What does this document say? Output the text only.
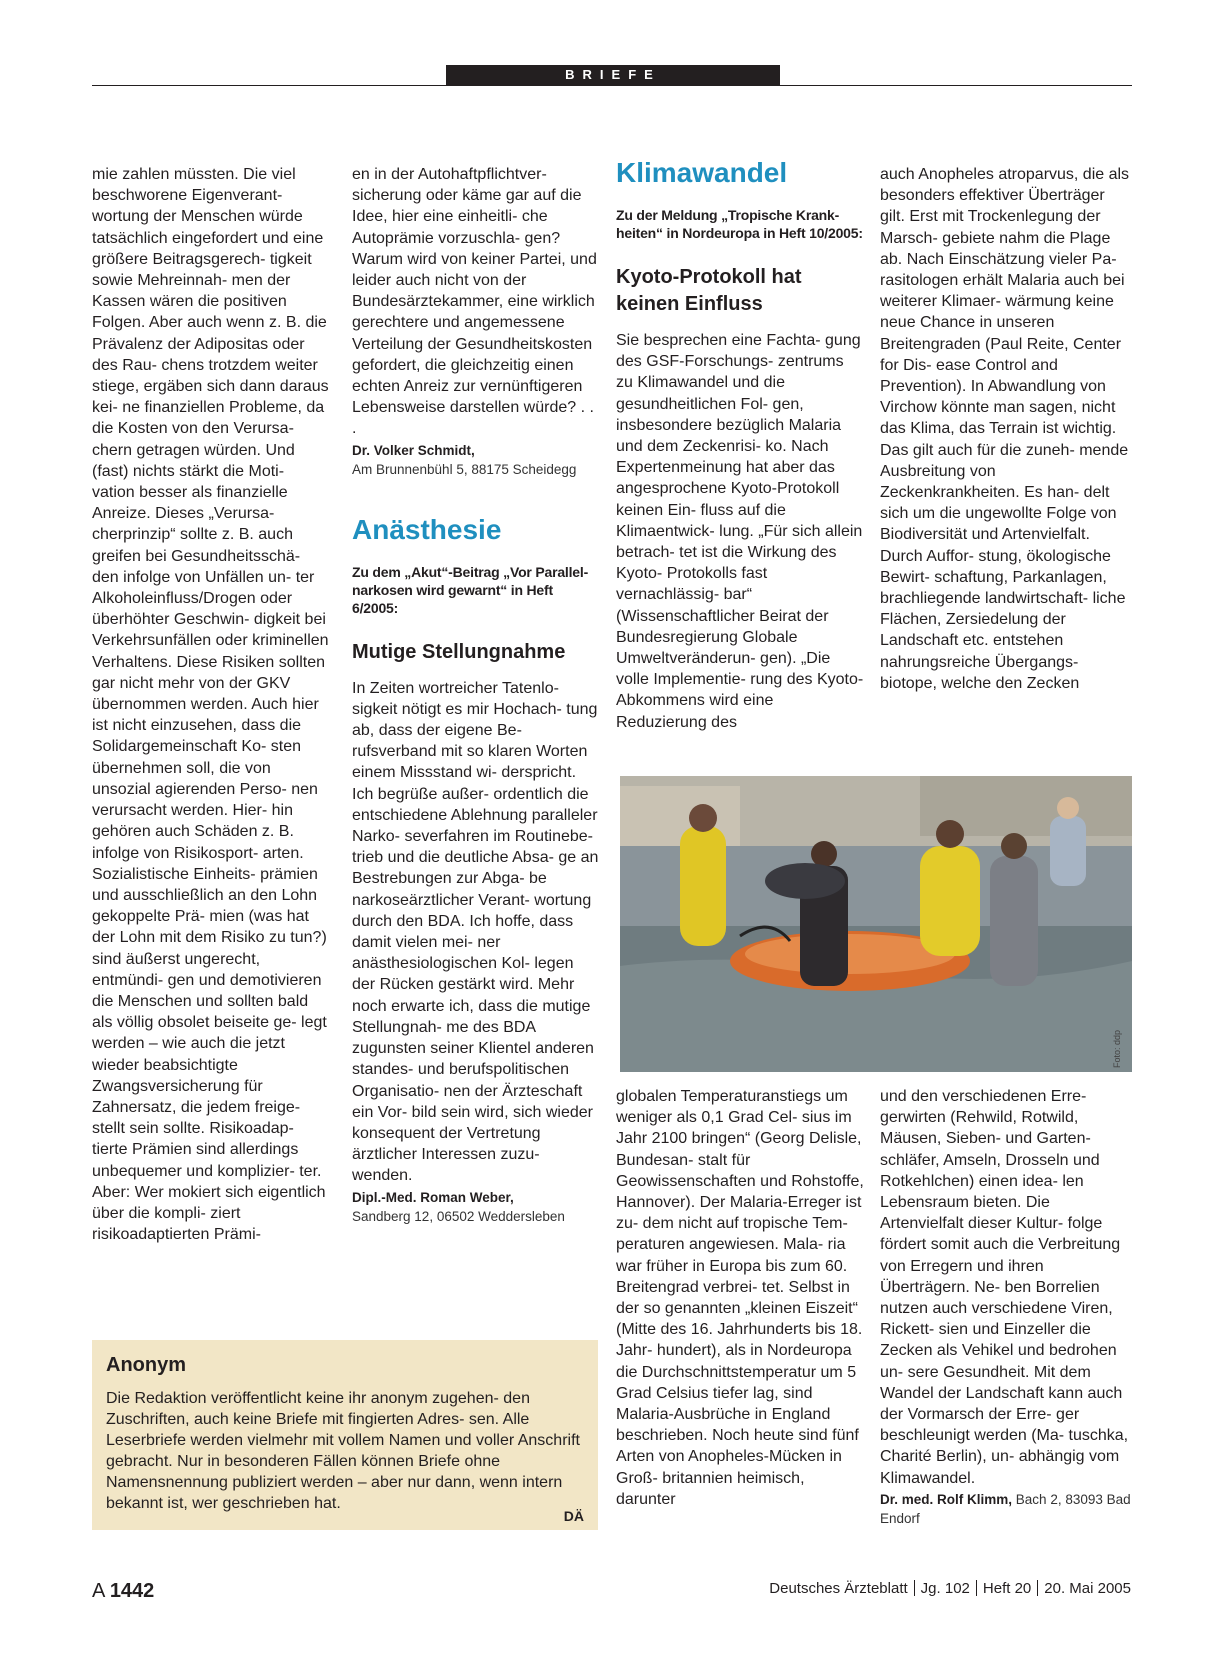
BRIEFE

mie zahlen müssten. Die viel beschworene Eigenverant- wortung der Menschen würde tatsächlich eingefordert und eine größere Beitragsgerech- tigkeit sowie Mehreinnah- men der Kassen wären die positiven Folgen. Aber auch wenn z. B. die Prävalenz der Adipositas oder des Rau- chens trotzdem weiter stiege, ergäben sich dann daraus kei- ne finanziellen Probleme, da die Kosten von den Verursa- chern getragen würden. Und (fast) nichts stärkt die Moti- vation besser als finanzielle Anreize. Dieses „Verursa- cherprinzip“ sollte z. B. auch greifen bei Gesundheitsschä- den infolge von Unfällen un- ter Alkoholeinfluss/Drogen oder überhöhter Geschwin- digkeit bei Verkehrsunfällen oder kriminellen Verhaltens. Diese Risiken sollten gar nicht mehr von der GKV übernommen werden. Auch hier ist nicht einzusehen, dass die Solidargemeinschaft Ko- sten übernehmen soll, die von unsozial agierenden Perso- nen verursacht werden. Hier- hin gehören auch Schäden z. B. infolge von Risikosport- arten. Sozialistische Einheits- prämien und ausschließlich an den Lohn gekoppelte Prä- mien (was hat der Lohn mit dem Risiko zu tun?) sind äußerst ungerecht, entmündi- gen und demotivieren die Menschen und sollten bald als völlig obsolet beiseite ge- legt werden – wie auch die jetzt wieder beabsichtigte Zwangsversicherung für Zahnersatz, die jedem freige- stellt sein sollte. Risikoadap- tierte Prämien sind allerdings unbequemer und komplizier- ter. Aber: Wer mokiert sich eigentlich über die kompli- ziert risikoadaptierten Prämi-

en in der Autohaftpflichtver- sicherung oder käme gar auf die Idee, hier eine einheitli- che Autoprämie vorzuschla- gen? Warum wird von keiner Partei, und leider auch nicht von der Bundesärztekammer, eine wirklich gerechtere und angemessene Verteilung der Gesundheitskosten gefordert, die gleichzeitig einen echten Anreiz zur vernünftigeren Lebensweise darstellen würde? . . .

Dr. Volker Schmidt,
Am Brunnenbühl 5, 88175 Scheidegg
Anästhesie
Zu dem „Akut“-Beitrag „Vor Parallel- narkosen wird gewarnt“ in Heft 6/2005:
Mutige Stellungnahme

In Zeiten wortreicher Tatenlo- sigkeit nötigt es mir Hochach- tung ab, dass der eigene Be- rufsverband mit so klaren Worten einem Missstand wi- derspricht. Ich begrüße außer- ordentlich die entschiedene Ablehnung paralleler Narko- severfahren im Routinebe- trieb und die deutliche Absa- ge an Bestrebungen zur Abga- be narkoseärztlicher Verant- wortung durch den BDA. Ich hoffe, dass damit vielen mei- ner anästhesiologischen Kol- legen der Rücken gestärkt wird. Mehr noch erwarte ich, dass die mutige Stellungnah- me des BDA zugunsten seiner Klientel anderen standes- und berufspolitischen Organisatio- nen der Ärzteschaft ein Vor- bild sein wird, sich wieder konsequent der Vertretung ärztlicher Interessen zuzu- wenden.

Dipl.-Med. Roman Weber,
Sandberg 12, 06502 Weddersleben
Klimawandel
Zu der Meldung „Tropische Krank- heiten“ in Nordeuropa in Heft 10/2005:
Kyoto-Protokoll hat keinen Einfluss

Sie besprechen eine Fachta- gung des GSF-Forschungs- zentrums zu Klimawandel und die gesundheitlichen Fol- gen, insbesondere bezüglich Malaria und dem Zeckenrisi- ko. Nach Expertenmeinung hat aber das angesprochene Kyoto-Protokoll keinen Ein- fluss auf die Klimaentwick- lung. „Für sich allein betrach- tet ist die Wirkung des Kyoto- Protokolls fast vernachlässig- bar“ (Wissenschaftlicher Beirat der Bundesregierung Globale Umweltveränderun- gen). „Die volle Implementie- rung des Kyoto-Abkommens wird eine Reduzierung des

auch Anopheles atroparvus, die als besonders effektiver Überträger gilt. Erst mit Trockenlegung der Marsch- gebiete nahm die Plage ab. Nach Einschätzung vieler Pa- rasitologen erhält Malaria auch bei weiterer Klimaer- wärmung keine neue Chance in unseren Breitengraden (Paul Reite, Center for Dis- ease Control and Prevention). In Abwandlung von Virchow könnte man sagen, nicht das Klima, das Terrain ist wichtig. Das gilt auch für die zuneh- mende Ausbreitung von Zeckenkrankheiten. Es han- delt sich um die ungewollte Folge von Biodiversität und Artenvielfalt. Durch Auffor- stung, ökologische Bewirt- schaftung, Parkanlagen, brachliegende landwirtschaft- liche Flächen, Zersiedelung der Landschaft etc. entstehen nahrungsreiche Übergangs- biotope, welche den Zecken

Foto: ddp

globalen Temperaturanstiegs um weniger als 0,1 Grad Cel- sius im Jahr 2100 bringen“ (Georg Delisle, Bundesan- stalt für Geowissenschaften und Rohstoffe, Hannover). Der Malaria-Erreger ist zu- dem nicht auf tropische Tem- peraturen angewiesen. Mala- ria war früher in Europa bis zum 60. Breitengrad verbrei- tet. Selbst in der so genannten „kleinen Eiszeit“ (Mitte des 16. Jahrhunderts bis 18. Jahr- hundert), als in Nordeuropa die Durchschnittstemperatur um 5 Grad Celsius tiefer lag, sind Malaria-Ausbrüche in England beschrieben. Noch heute sind fünf Arten von Anopheles-Mücken in Groß- britannien heimisch, darunter

und den verschiedenen Erre- gerwirten (Rehwild, Rotwild, Mäusen, Sieben- und Garten- schläfer, Amseln, Drosseln und Rotkehlchen) einen idea- len Lebensraum bieten. Die Artenvielfalt dieser Kultur- folge fördert somit auch die Verbreitung von Erregern und ihren Überträgern. Ne- ben Borrelien nutzen auch verschiedene Viren, Rickett- sien und Einzeller die Zecken als Vehikel und bedrohen un- sere Gesundheit. Mit dem Wandel der Landschaft kann auch der Vormarsch der Erre- ger beschleunigt werden (Ma- tuschka, Charité Berlin), un- abhängig vom Klimawandel.

Dr. med. Rolf Klimm, Bach 2, 83093 Bad Endorf
Anonym

Die Redaktion veröffentlicht keine ihr anonym zugehen- den Zuschriften, auch keine Briefe mit fingierten Adres- sen. Alle Leserbriefe werden vielmehr mit vollem Namen und voller Anschrift gebracht. Nur in besonderen Fällen können Briefe ohne Namensnennung publiziert werden – aber nur dann, wenn intern bekannt ist, wer geschrieben hat.

DÄ
A 1442	Deutsches Ärzteblatt Jg. 102 Heft 20 20. Mai 2005
